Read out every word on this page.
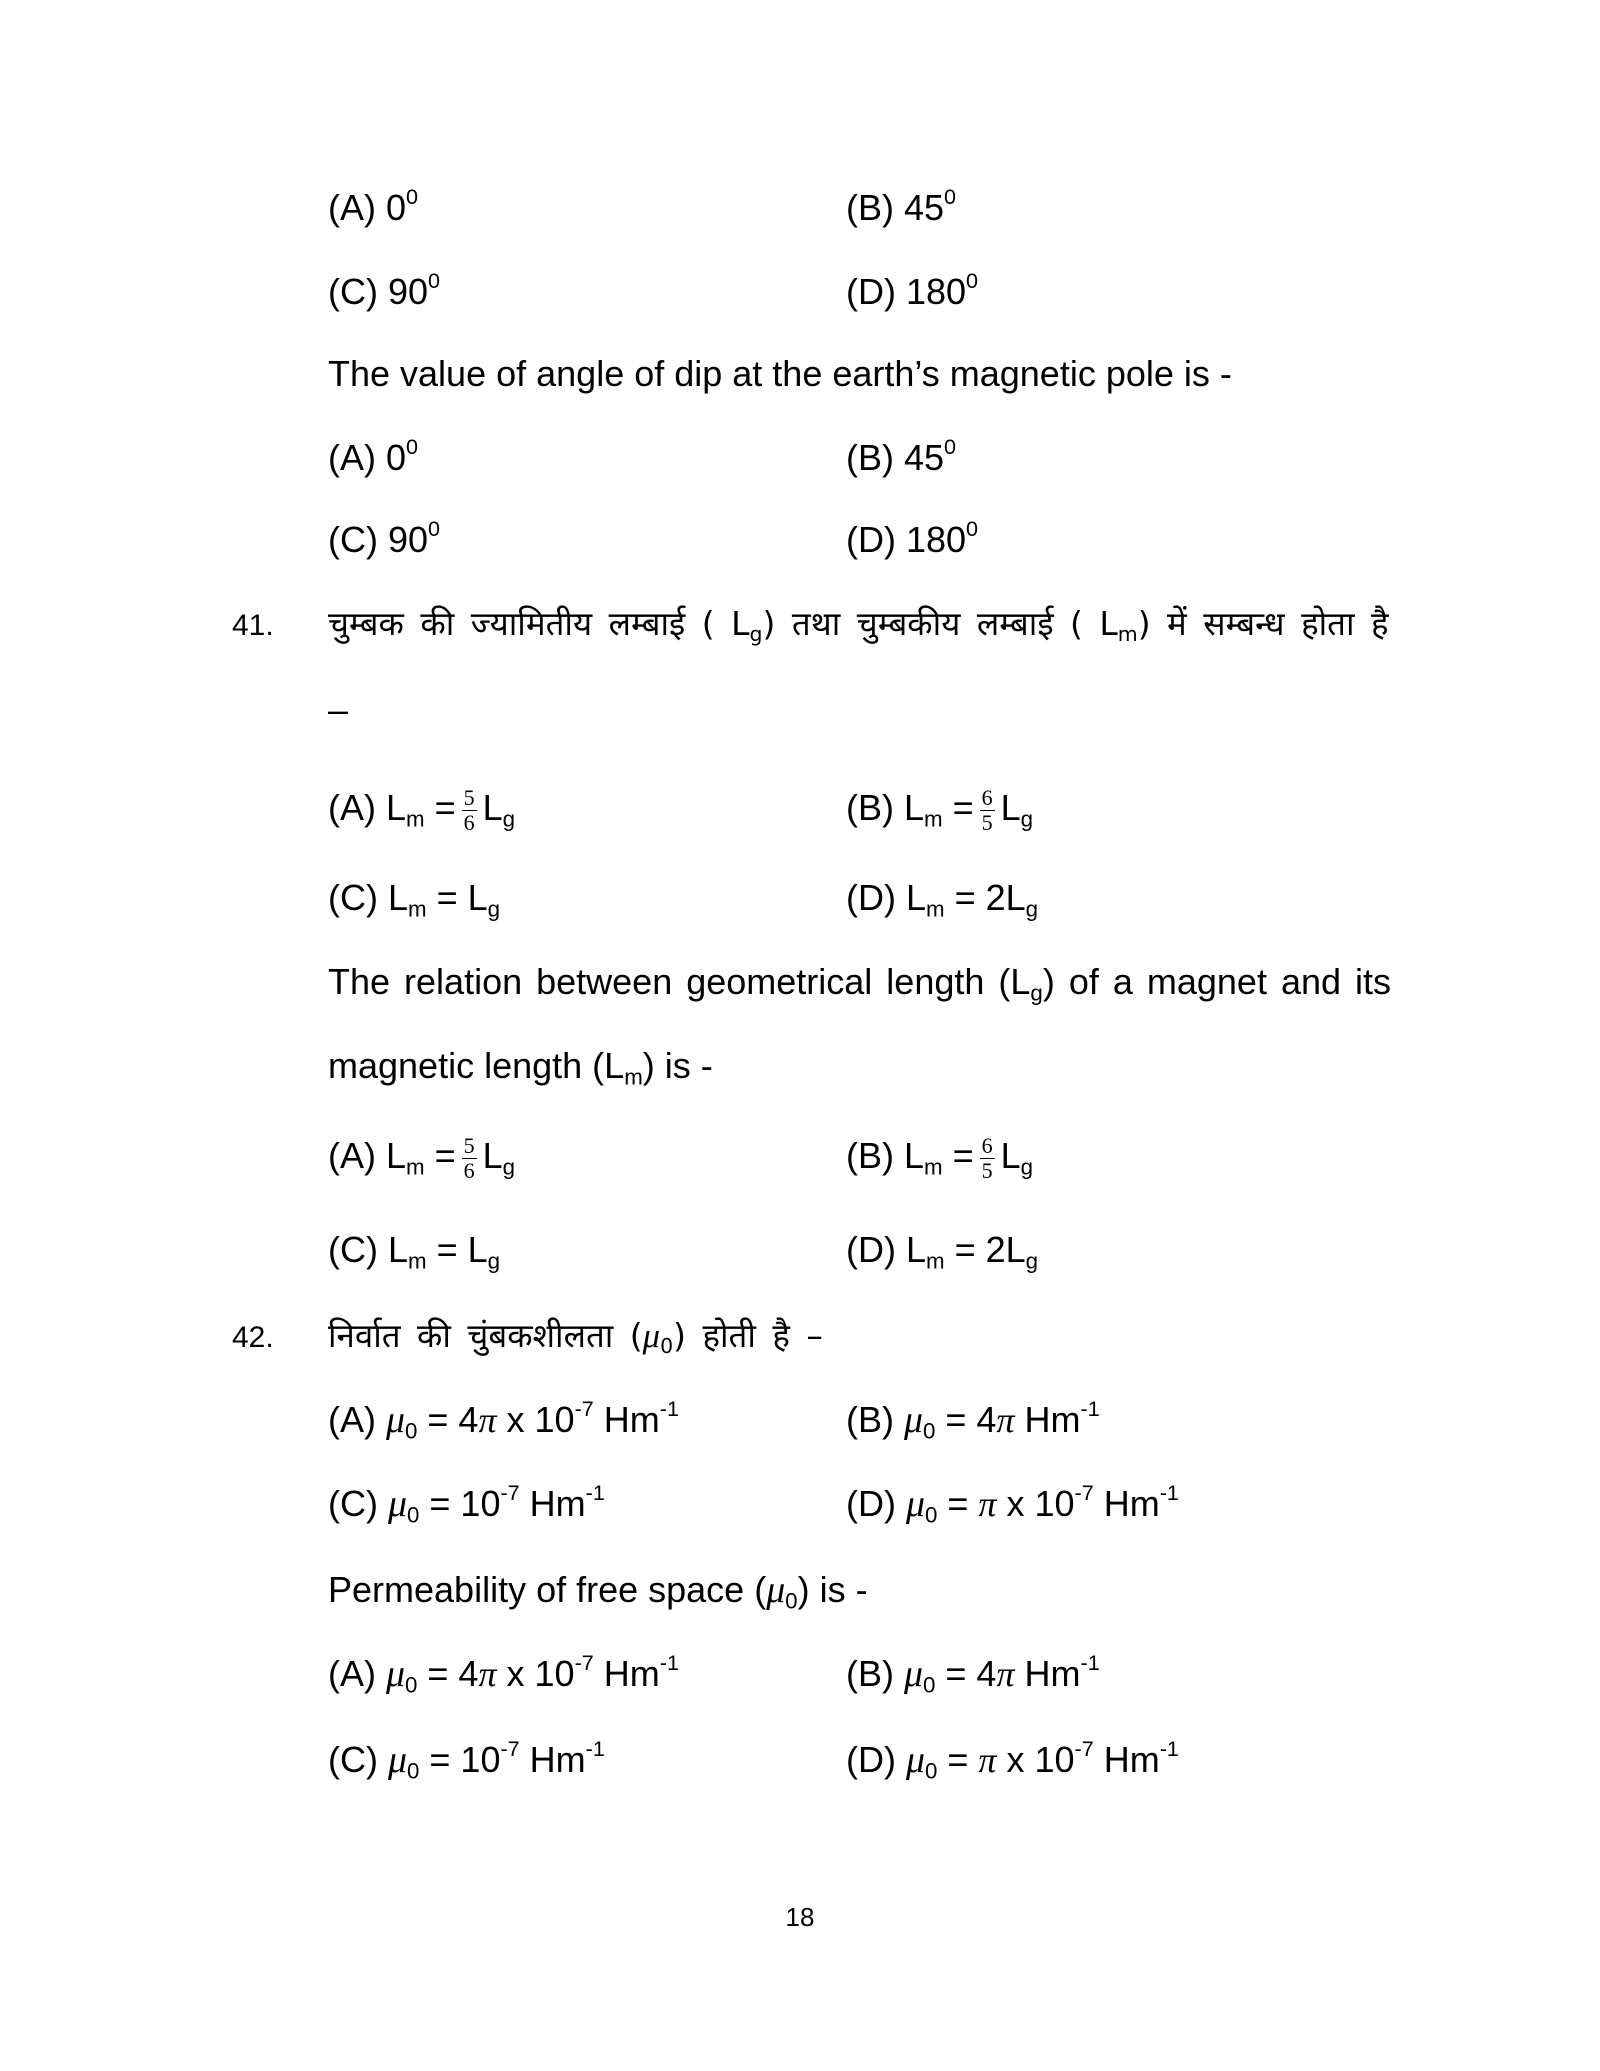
(A) $0^0$	(B) $45^0$
(C) $90^0$	(D) $180^0$
The value of angle of dip at the earth’s magnetic pole is -
(A) $0^0$	(B) $45^0$
(C) $90^0$	(D) $180^0$
41. चुम्बक की ज्यामितीय लम्बाई ( $L_g$) तथा चुम्बकीय लम्बाई ( $L_m$) में सम्बन्ध होता है
–
(A) $L_m = \frac{5}{6} L_g$	(B) $L_m = \frac{6}{5} L_g$
(C) $L_m = L_g$	(D) $L_m = 2L_g$
The relation between geometrical length $(L_g)$ of a magnet and its
magnetic length $(L_m)$ is -
(A) $L_m = \frac{5}{6} L_g$	(B) $L_m = \frac{6}{5} L_g$
(C) $L_m = L_g$	(D) $L_m = 2L_g$
42. निर्वात की चुंबकशीलता $(\mu_0)$ होती है –
(A) $\mu_0 = 4\pi$ x $10^{-7}$ $Hm^{-1}$	(B) $\mu_0 = 4\pi$ $Hm^{-1}$
(C) $\mu_0 = 10^{-7}$ $Hm^{-1}$	(D) $\mu_0 = \pi$ x $10^{-7}$ $Hm^{-1}$
Permeability of free space $(\mu_0)$ is -
(A) $\mu_0 = 4\pi$ x $10^{-7}$ $Hm^{-1}$	(B) $\mu_0 = 4\pi$ $Hm^{-1}$
(C) $\mu_0 = 10^{-7}$ $Hm^{-1}$	(D) $\mu_0 = \pi$ x $10^{-7}$ $Hm^{-1}$
18
